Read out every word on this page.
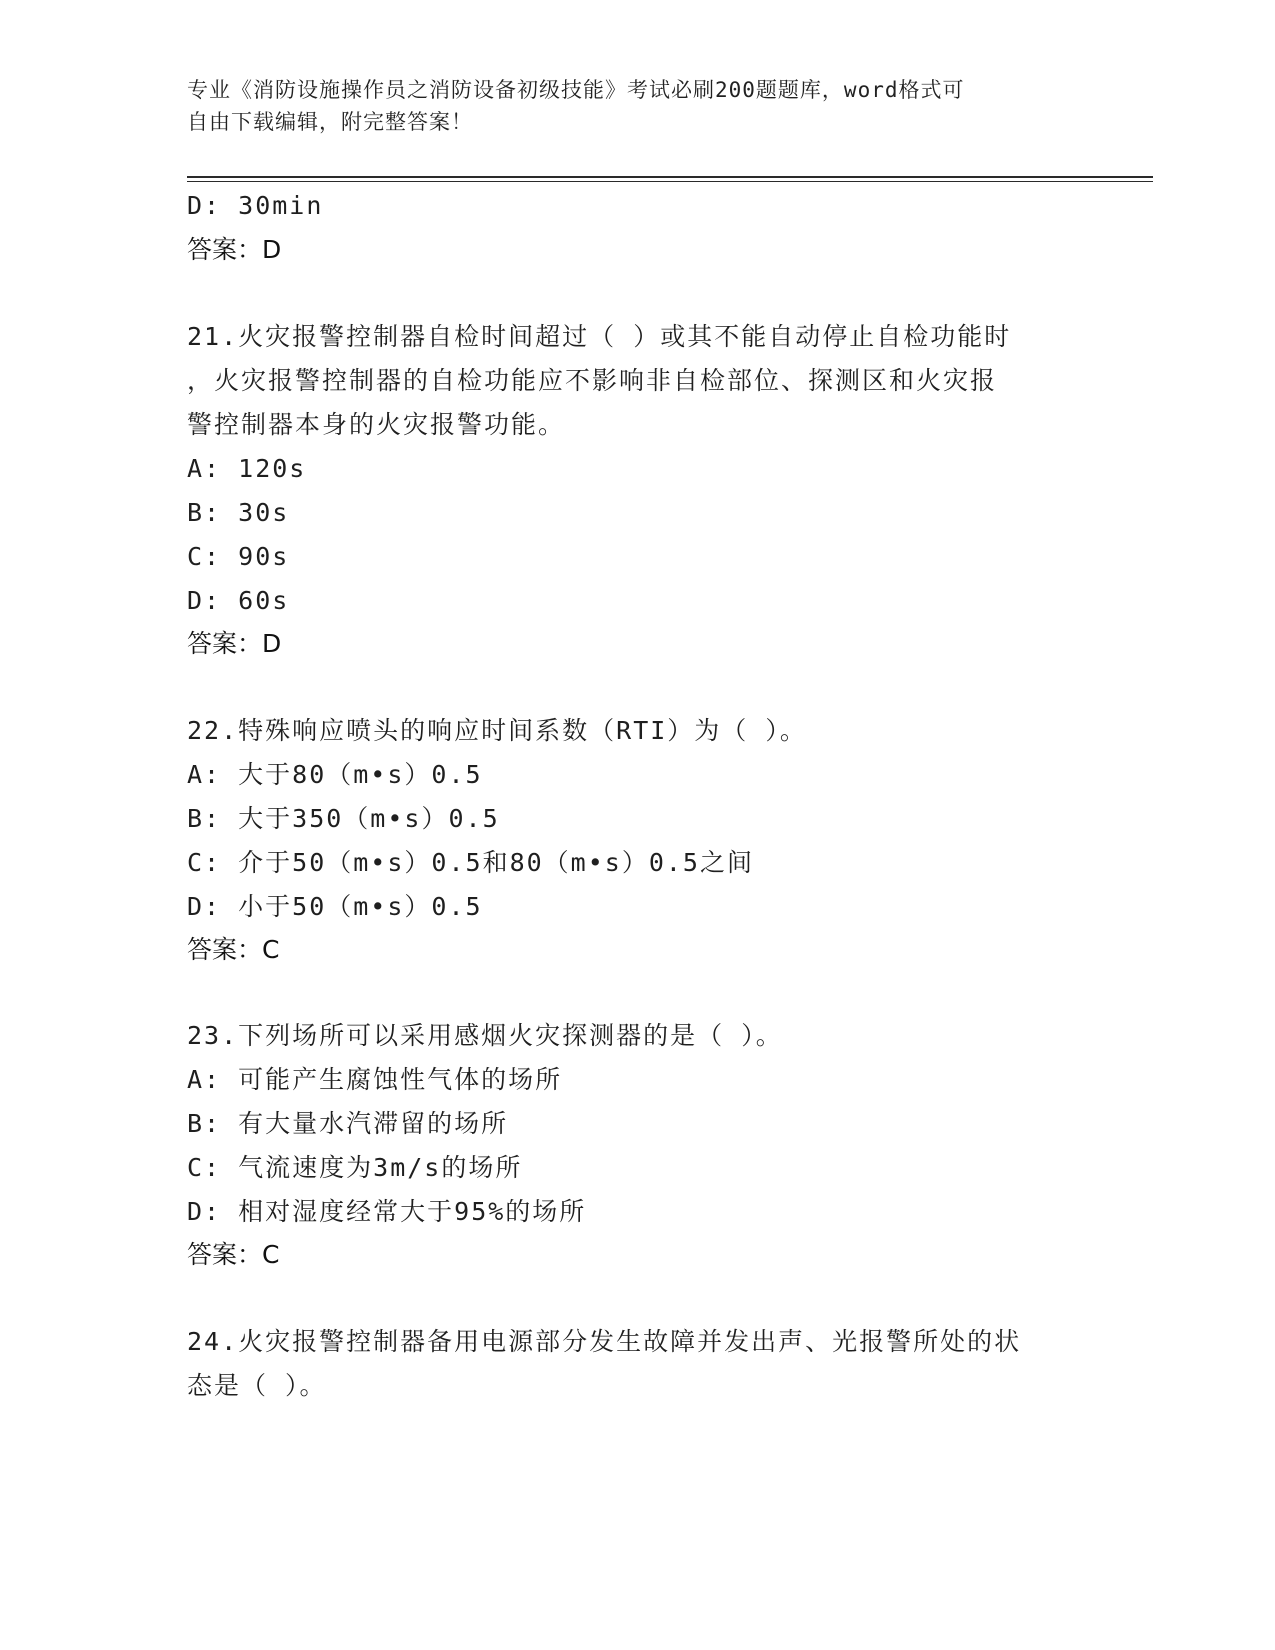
专业《消防设施操作员之消防设备初级技能》考试必刷200题题库，word格式可
自由下载编辑，附完整答案！
D: 30min
答案：D
21.火灾报警控制器自检时间超过（ ）或其不能自动停止自检功能时
，火灾报警控制器的自检功能应不影响非自检部位、探测区和火灾报
警控制器本身的火灾报警功能。
A: 120s
B: 30s
C: 90s
D: 60s
答案：D
22.特殊响应喷头的响应时间系数（RTI）为（ ）。
A: 大于80（m•s）0.5
B: 大于350（m•s）0.5
C: 介于50（m•s）0.5和80（m•s）0.5之间
D: 小于50（m•s）0.5
答案：C
23.下列场所可以采用感烟火灾探测器的是（ ）。
A: 可能产生腐蚀性气体的场所
B: 有大量水汽滞留的场所
C: 气流速度为3m/s的场所
D: 相对湿度经常大于95%的场所
答案：C
24.火灾报警控制器备用电源部分发生故障并发出声、光报警所处的状
态是（ ）。
